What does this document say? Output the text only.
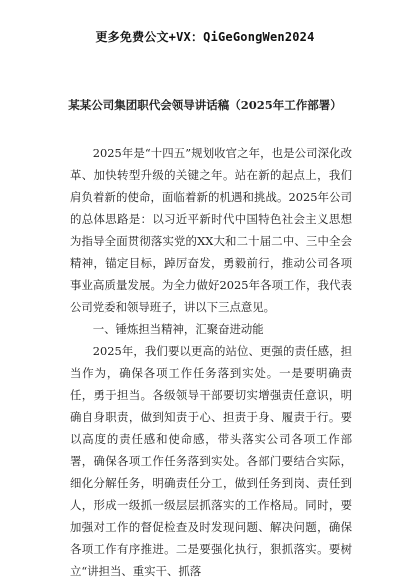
更多免费公文+VX：QiGeGongWen2024
某某公司集团职代会领导讲话稿（2025年工作部署）

2025年是“十四五”规划收官之年，也是公司深化改革、加快转型升级的关键之年。站在新的起点上，我们肩负着新的使命，面临着新的机遇和挑战。2025年公司的总体思路是：以习近平新时代中国特色社会主义思想为指导全面贯彻落实党的XX大和二十届二中、三中全会精神，锚定目标，踔厉奋发，勇毅前行，推动公司各项事业高质量发展。为全力做好2025年各项工作，我代表公司党委和领导班子，讲以下三点意见。

一、锤炼担当精神，汇聚奋进动能

2025年，我们要以更高的站位、更强的责任感，担当作为，确保各项工作任务落到实处。一是要明确责任，勇于担当。各级领导干部要切实增强责任意识，明确自身职责，做到知责于心、担责于身、履责于行。要以高度的责任感和使命感，带头落实公司各项工作部署，确保各项工作任务落到实处。各部门要结合实际，细化分解任务，明确责任分工，做到任务到岗、责任到人，形成一级抓一级层层抓落实的工作格局。同时，要加强对工作的督促检查及时发现问题、解决问题，确保各项工作有序推进。二是要强化执行，狠抓落实。要树立“讲担当、重实干、抓落
